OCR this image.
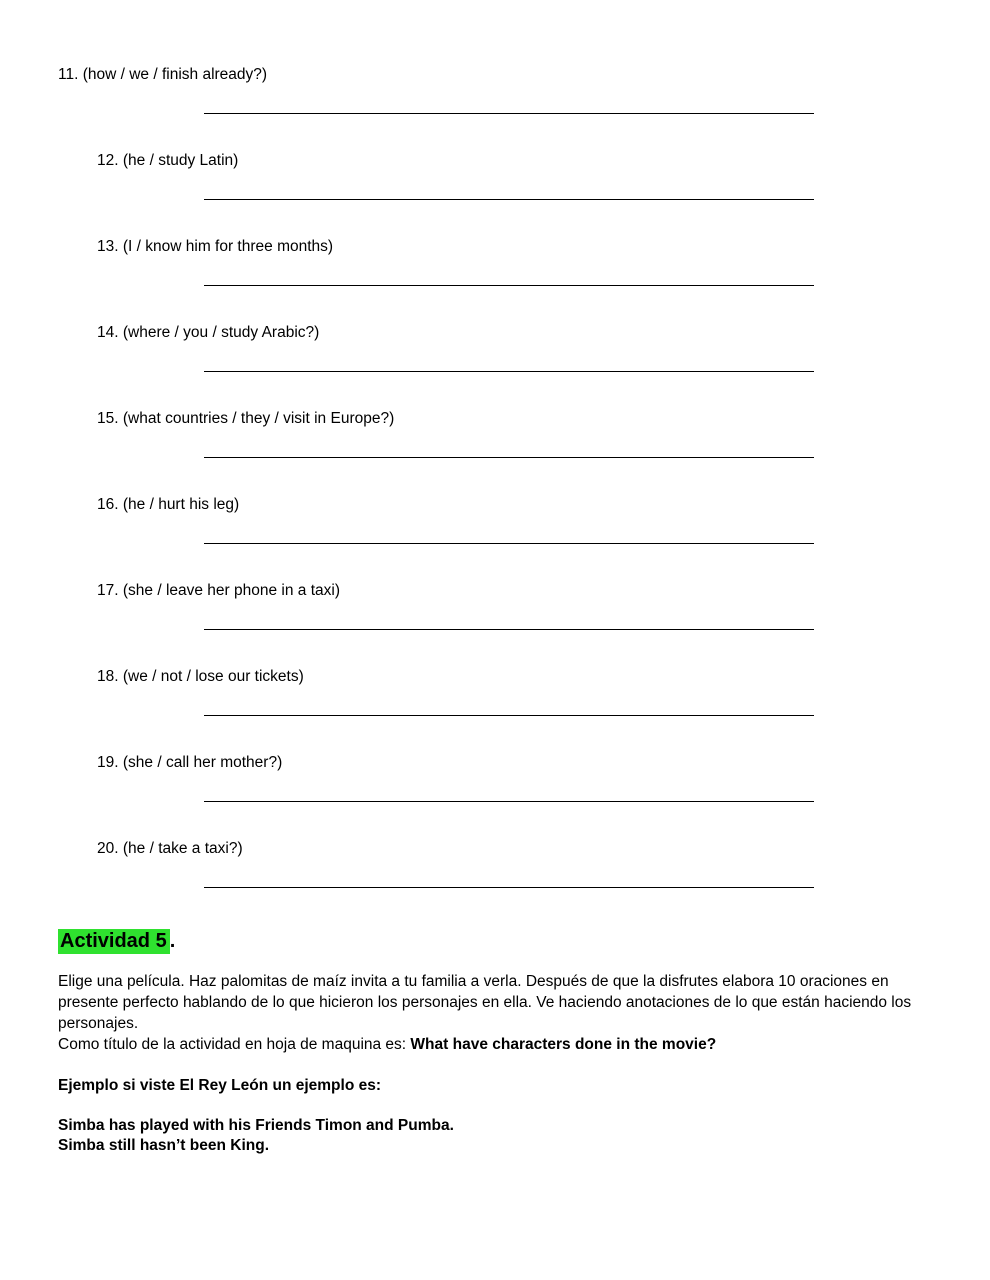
11. (how / we / finish already?)
12. (he / study Latin)
13. (I / know him for three months)
14. (where / you / study Arabic?)
15. (what countries / they / visit in Europe?)
16. (he / hurt his leg)
17. (she / leave her phone in a taxi)
18. (we / not / lose our tickets)
19. (she / call her mother?)
20. (he / take a taxi?)
Actividad 5 .
Elige una película. Haz palomitas de maíz invita a tu familia a verla. Después de que la disfrutes elabora 10 oraciones en presente perfecto hablando de lo que hicieron los personajes en ella. Ve haciendo anotaciones de lo que están haciendo los personajes.
Como título de la actividad en hoja de maquina es: What have characters done in the movie?
Ejemplo si viste El Rey León un ejemplo es:
Simba has played with his Friends Timon and Pumba.
Simba still hasn’t been King.
